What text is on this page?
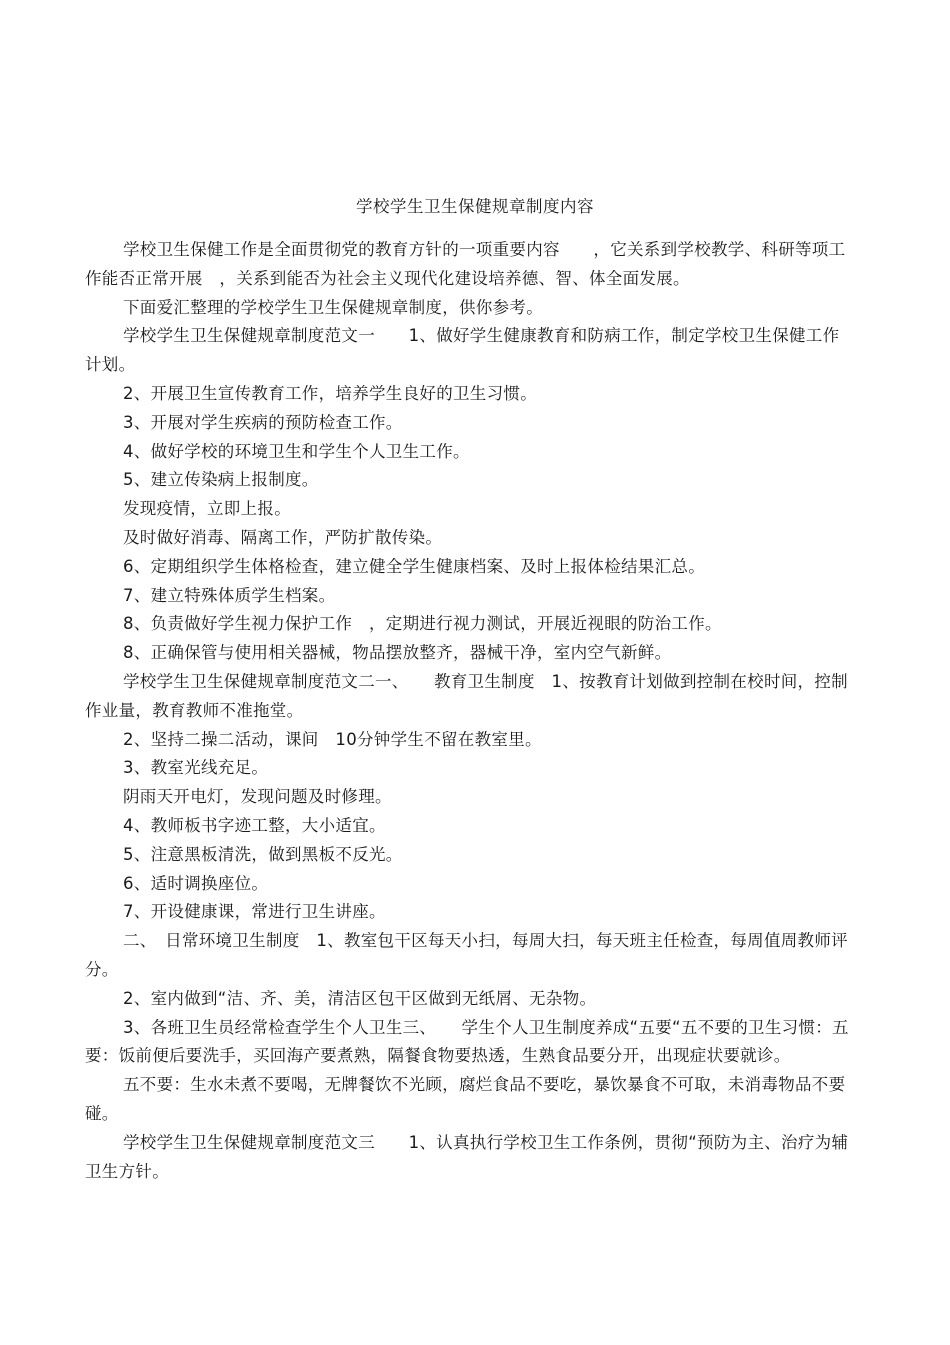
学校学生卫生保健规章制度内容

学校卫生保健工作是全面贯彻党的教育方针的一项重要内容　　，它关系到学校教学、科研等项工作能否正常开展　，关系到能否为社会主义现代化建设培养德、智、体全面发展。

下面爱汇整理的学校学生卫生保健规章制度，供你参考。

学校学生卫生保健规章制度范文一　　1、做好学生健康教育和防病工作，制定学校卫生保健工作计划。

2、开展卫生宣传教育工作，培养学生良好的卫生习惯。

3、开展对学生疾病的预防检查工作。

4、做好学校的环境卫生和学生个人卫生工作。

5、建立传染病上报制度。

发现疫情，立即上报。

及时做好消毒、隔离工作，严防扩散传染。

6、定期组织学生体格检查，建立健全学生健康档案、及时上报体检结果汇总。

7、建立特殊体质学生档案。

8、负责做好学生视力保护工作　，定期进行视力测试，开展近视眼的防治工作。

8、正确保管与使用相关器械，物品摆放整齐，器械干净，室内空气新鲜。

学校学生卫生保健规章制度范文二一、　　教育卫生制度　1、按教育计划做到控制在校时间，控制作业量，教育教师不准拖堂。

2、坚持二操二活动，课间　10分钟学生不留在教室里。

3、教室光线充足。

阴雨天开电灯，发现问题及时修理。

4、教师板书字迹工整，大小适宜。

5、注意黑板清洗，做到黑板不反光。

6、适时调换座位。

7、开设健康课，常进行卫生讲座。

二、　日常环境卫生制度　1、教室包干区每天小扫，每周大扫，每天班主任检查，每周值周教师评分。

2、室内做到“洁、齐、美，清洁区包干区做到无纸屑、无杂物。

3、各班卫生员经常检查学生个人卫生三、　　学生个人卫生制度养成“五要“五不要的卫生习惯：五要：饭前便后要洗手，买回海产要煮熟，隔餐食物要热透，生熟食品要分开，出现症状要就诊。

五不要：生水未煮不要喝，无牌餐饮不光顾，腐烂食品不要吃，暴饮暴食不可取，未消毒物品不要碰。

学校学生卫生保健规章制度范文三　　1、认真执行学校卫生工作条例，贯彻“预防为主、治疗为辅卫生方针。
